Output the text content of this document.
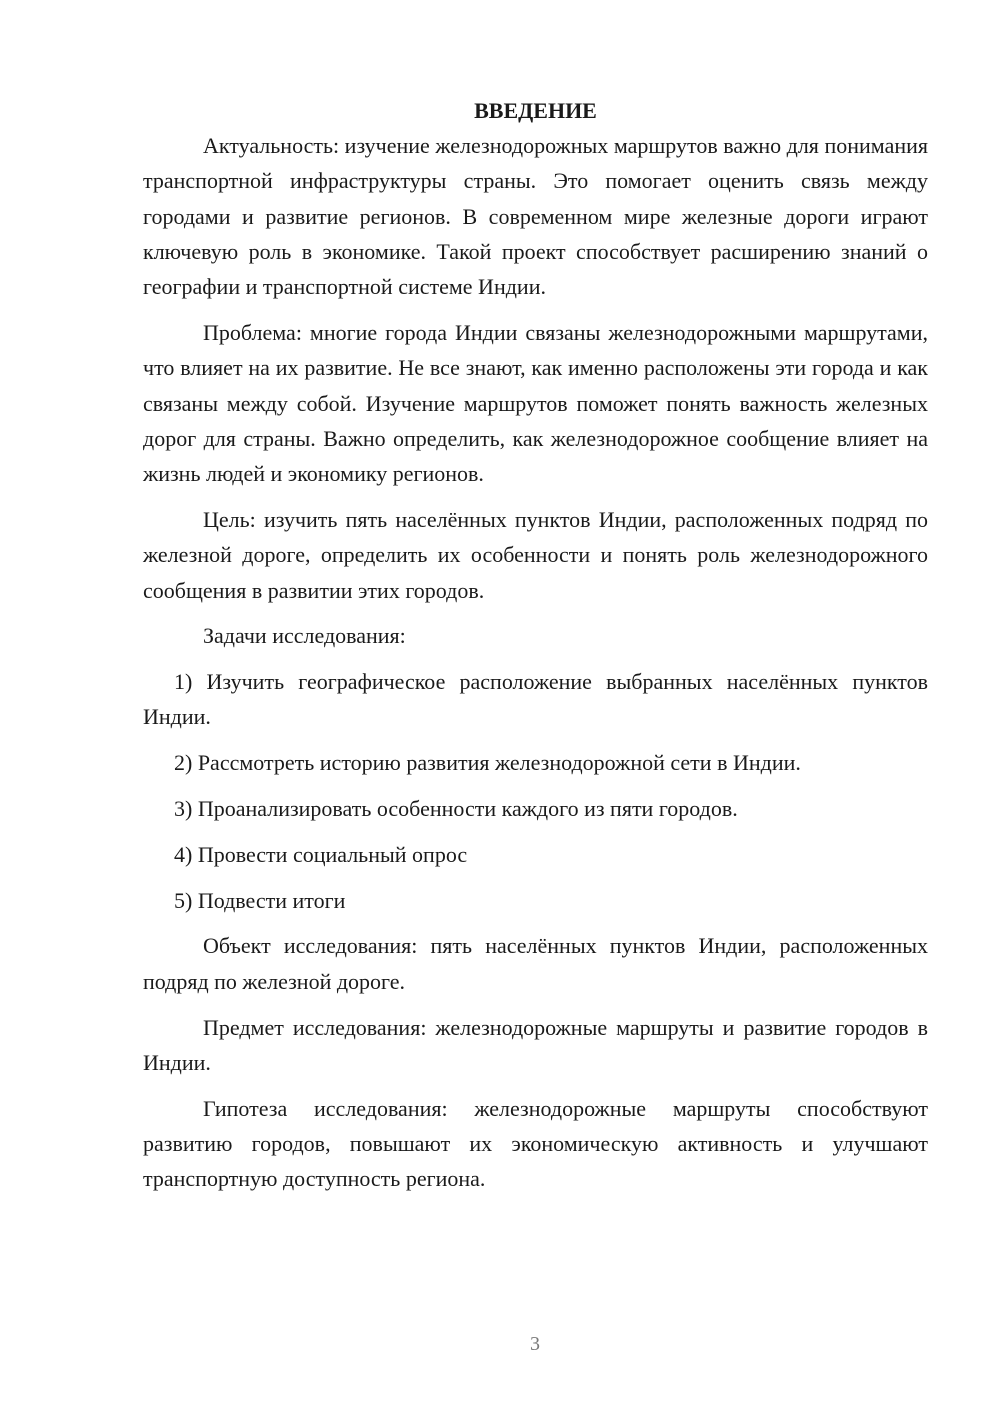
ВВЕДЕНИЕ

Актуальность: изучение железнодорожных маршрутов важно для понимания транспортной инфраструктуры страны. Это помогает оценить связь между городами и развитие регионов. В современном мире железные дороги играют ключевую роль в экономике. Такой проект способствует расширению знаний о географии и транспортной системе Индии.

Проблема: многие города Индии связаны железнодорожными маршрутами, что влияет на их развитие. Не все знают, как именно расположены эти города и как связаны между собой. Изучение маршрутов поможет понять важность железных дорог для страны. Важно определить, как железнодорожное сообщение влияет на жизнь людей и экономику регионов.

Цель: изучить пять населённых пунктов Индии, расположенных подряд по железной дороге, определить их особенности и понять роль железнодорожного сообщения в развитии этих городов.

Задачи исследования:

1) Изучить географическое расположение выбранных населённых пунктов Индии.

2) Рассмотреть историю развития железнодорожной сети в Индии.

3) Проанализировать особенности каждого из пяти городов.

4) Провести социальный опрос

5) Подвести итоги

Объект исследования: пять населённых пунктов Индии, расположенных подряд по железной дороге.

Предмет исследования: железнодорожные маршруты и развитие городов в Индии.

Гипотеза исследования: железнодорожные маршруты способствуют развитию городов, повышают их экономическую активность и улучшают транспортную доступность региона.

3
